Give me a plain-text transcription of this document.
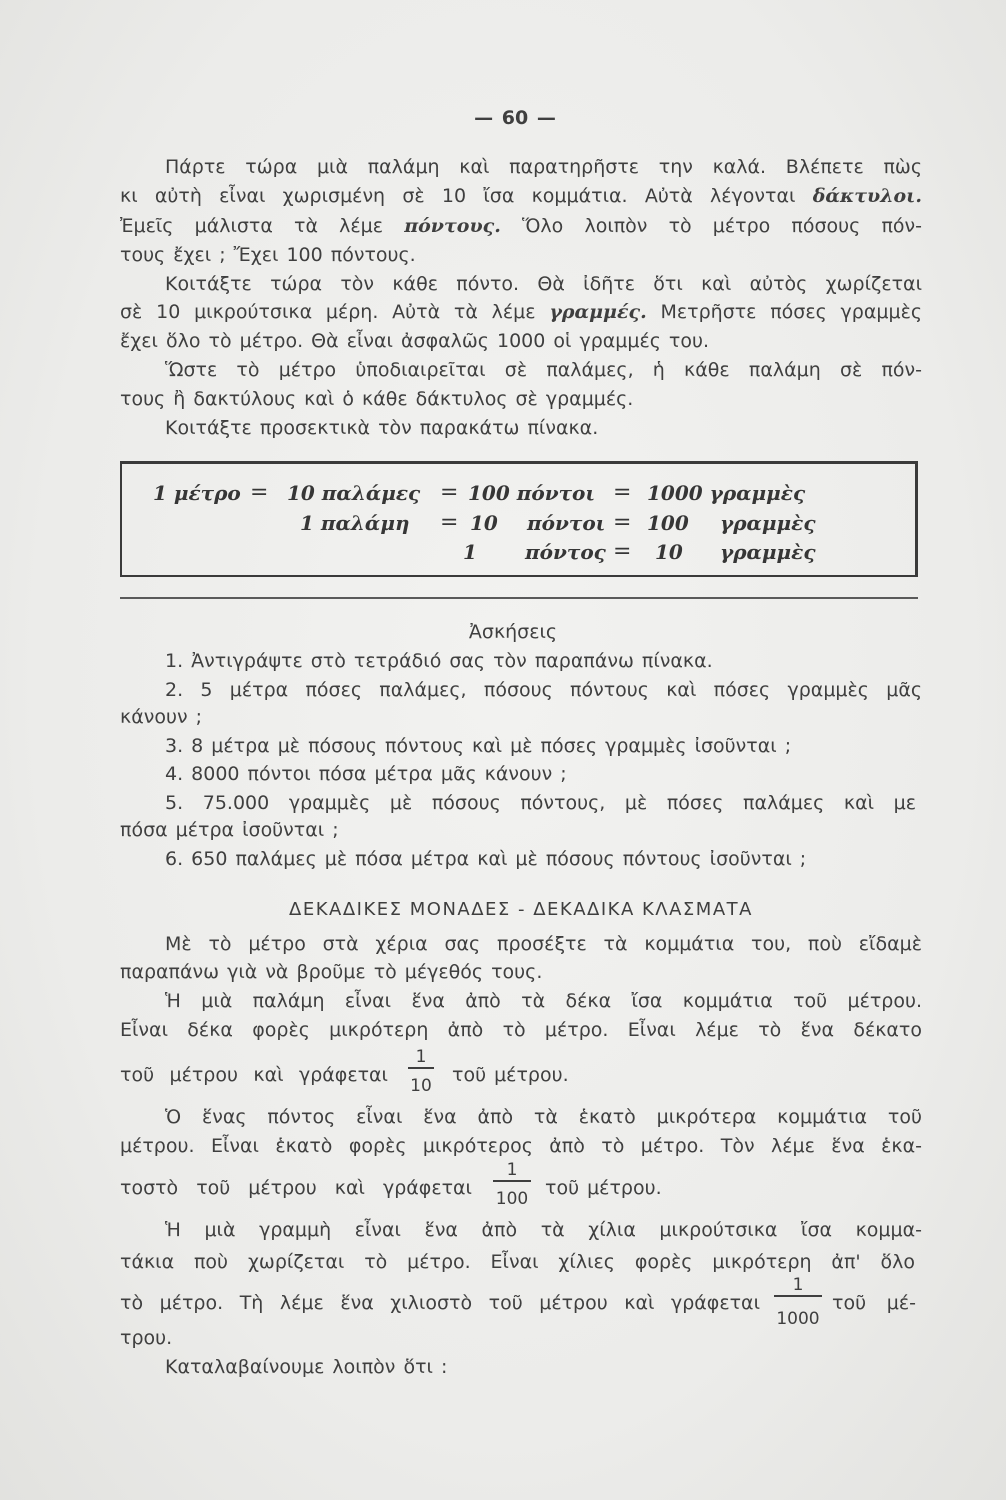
— 60 —
Πάρτε τώρα μιὰ παλάμη καὶ παρατηρῆστε την καλά. Βλέπετε πὼς
κι αὐτὴ εἶναι χωρισμένη σὲ 10 ἴσα κομμάτια. Αὐτὰ λέγονται δάκτυλοι.
Ἐμεῖς μάλιστα τὰ λέμε πόντους. Ὅλο λοιπὸν τὸ μέτρο πόσους πόν-
τους ἔχει ; Ἔχει 100 πόντους.
Κοιτάξτε τώρα τὸν κάθε πόντο. Θὰ ἰδῆτε ὅτι καὶ αὐτὸς χωρίζεται
σὲ 10 μικρούτσικα μέρη. Αὐτὰ τὰ λέμε γραμμές. Μετρῆστε πόσες γραμμὲς
ἔχει ὅλο τὸ μέτρο. Θὰ εἶναι ἀσφαλῶς 1000 οἱ γραμμές του.
Ὥστε τὸ μέτρο ὑποδιαιρεῖται σὲ παλάμες, ἡ κάθε παλάμη σὲ πόν-
τους ἢ δακτύλους καὶ ὁ κάθε δάκτυλος σὲ γραμμές.
Κοιτάξτε προσεκτικὰ τὸν παρακάτω πίνακα.
1 μέτρο = 10 παλάμες = 100 πόντοι = 1000 γραμμὲς
1 παλάμη = 10 πόντοι = 100 γραμμὲς
1 πόντος = 10 γραμμὲς
Ἀσκήσεις
1. Ἀντιγράψτε στὸ τετράδιό σας τὸν παραπάνω πίνακα.
2. 5 μέτρα πόσες παλάμες, πόσους πόντους καὶ πόσες γραμμὲς μᾶς
κάνουν ;
3. 8 μέτρα μὲ πόσους πόντους καὶ μὲ πόσες γραμμὲς ἰσοῦνται ;
4. 8000 πόντοι πόσα μέτρα μᾶς κάνουν ;
5. 75.000 γραμμὲς μὲ πόσους πόντους, μὲ πόσες παλάμες καὶ με
πόσα μέτρα ἰσοῦνται ;
6. 650 παλάμες μὲ πόσα μέτρα καὶ μὲ πόσους πόντους ἰσοῦνται ;
ΔΕΚΑΔΙΚΕΣ ΜΟΝΑΔΕΣ - ΔΕΚΑΔΙΚΑ ΚΛΑΣΜΑΤΑ
Μὲ τὸ μέτρο στὰ χέρια σας προσέξτε τὰ κομμάτια του, ποὺ εἴδαμὲ
παραπάνω γιὰ νὰ βροῦμε τὸ μέγεθός τους.
Ἡ μιὰ παλάμη εἶναι ἕνα ἀπὸ τὰ δέκα ἴσα κομμάτια τοῦ μέτρου.
Εἶναι δέκα φορὲς μικρότερη ἀπὸ τὸ μέτρο. Εἶναι λέμε τὸ ἕνα δέκατο
τοῦ μέτρου καὶ γράφεται
1
10 τοῦ μέτρου.
Ὁ ἕνας πόντος εἶναι ἕνα ἀπὸ τὰ ἑκατὸ μικρότερα κομμάτια τοῦ
μέτρου. Εἶναι ἑκατὸ φορὲς μικρότερος ἀπὸ τὸ μέτρο. Τὸν λέμε ἕνα ἑκα-
τοστὸ τοῦ μέτρου καὶ γράφεται
1
100 τοῦ μέτρου.
Ἡ μιὰ γραμμὴ εἶναι ἕνα ἀπὸ τὰ χίλια μικρούτσικα ἴσα κομμα-
τάκια ποὺ χωρίζεται τὸ μέτρο. Εἶναι χίλιες φορὲς μικρότερη ἀπ' ὅλο
τὸ μέτρο. Τὴ λέμε ἕνα χιλιοστὸ τοῦ μέτρου καὶ γράφεται
1
1000
τοῦ μέ-
τρου.
Καταλαβαίνουμε λοιπὸν ὅτι :
